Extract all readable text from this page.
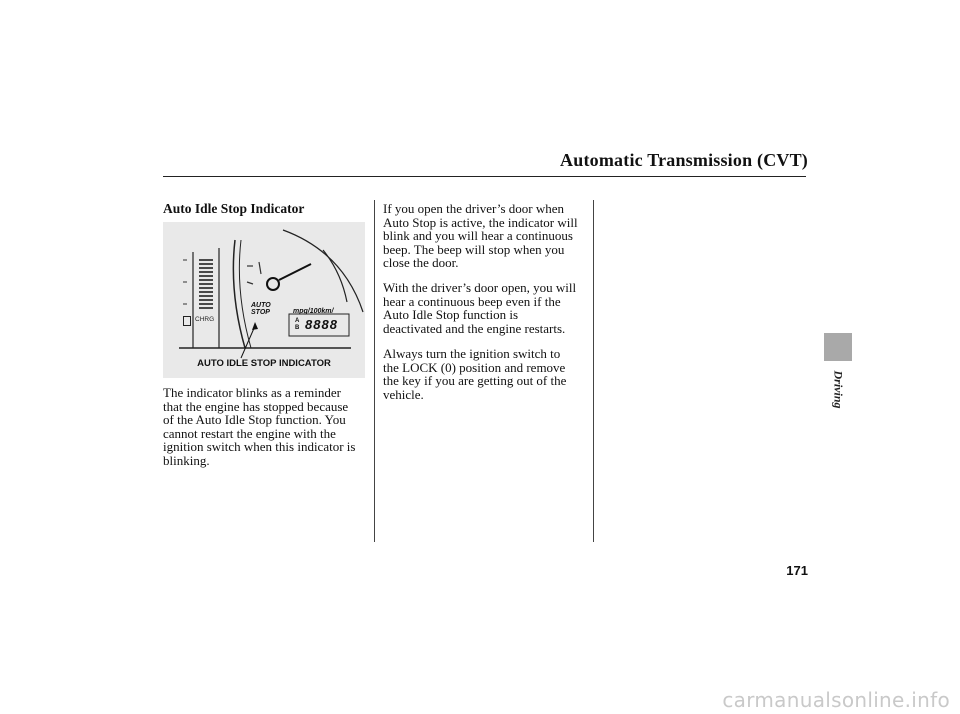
Automatic Transmission (CVT)
Auto Idle Stop Indicator
CHRG
AUTO
STOP	mpg/100km/
A
B 8888
AUTO IDLE STOP INDICATOR

The indicator blinks as a reminder
that the engine has stopped because
of the Auto Idle Stop function. You
cannot restart the engine with the
ignition switch when this indicator is
blinking.

If you open the driver’s door when
Auto Stop is active, the indicator will
blink and you will hear a continuous
beep. The beep will stop when you
close the door.

With the driver’s door open, you will
hear a continuous beep even if the
Auto Idle Stop function is
deactivated and the engine restarts.

Always turn the ignition switch to
the LOCK (0) position and remove
the key if you are getting out of the
vehicle.	Driving
171
carmanualsonline.info
